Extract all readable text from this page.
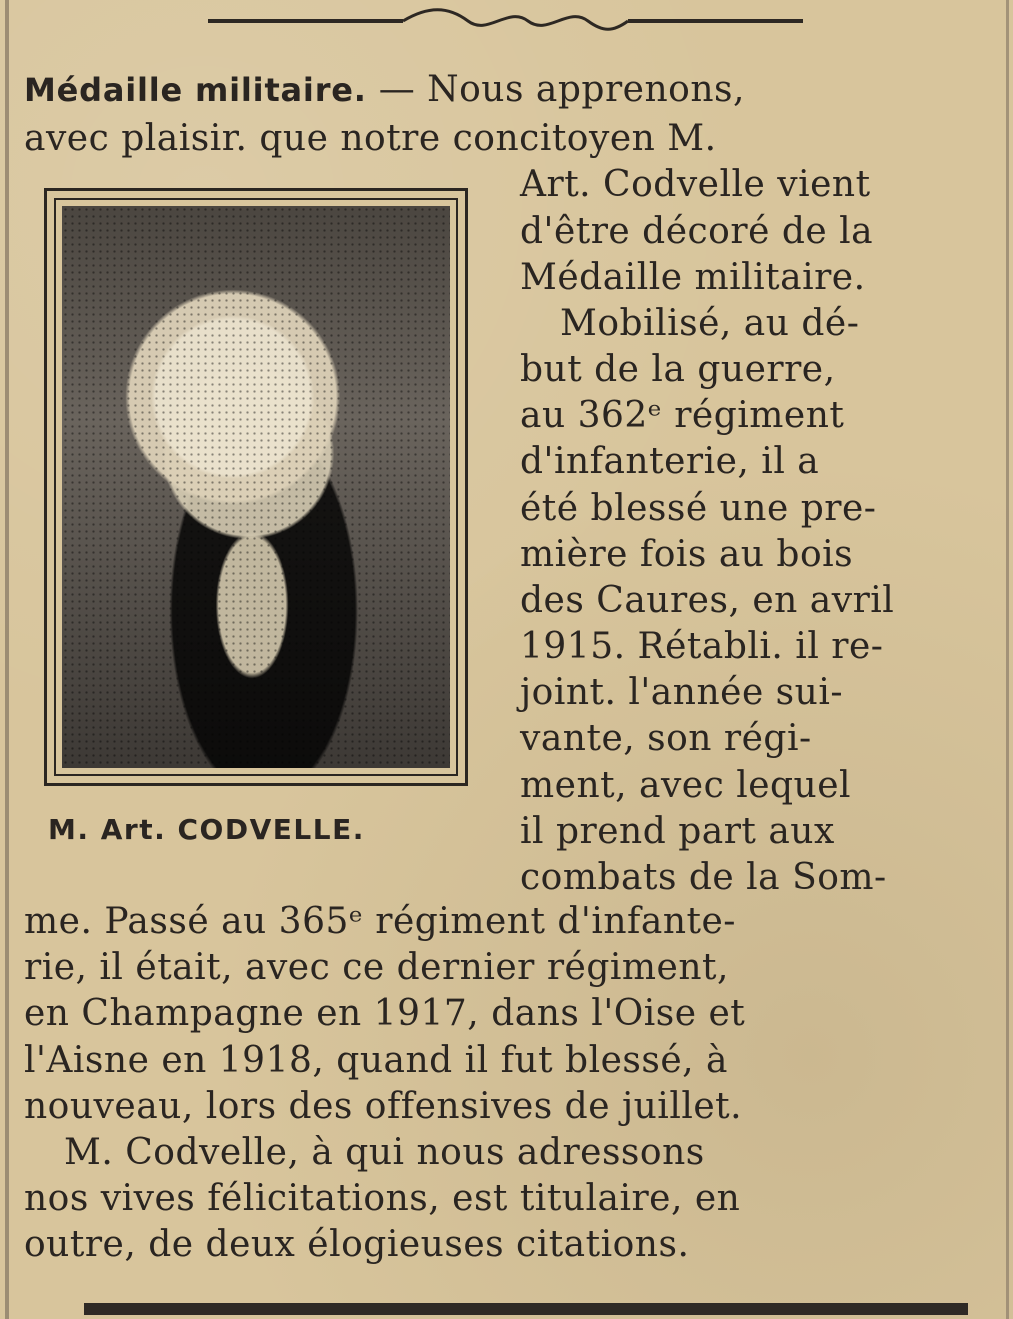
Médaille militaire. — Nous apprenons,
avec plaisir. que notre concitoyen M.
M. Art. CODVELLE.
Art. Codvelle vient
d'être décoré de la
Médaille militaire.
Mobilisé, au dé-
but de la guerre,
au 362ᵉ régiment
d'infanterie, il a
été blessé une pre-
mière fois au bois
des Caures, en avril
1915. Rétabli. il re-
joint. l'année sui-
vante, son régi-
ment, avec lequel
il prend part aux
combats de la Som-
me. Passé au 365ᵉ régiment d'infante-
rie, il était, avec ce dernier régiment,
en Champagne en 1917, dans l'Oise et
l'Aisne en 1918, quand il fut blessé, à
nouveau, lors des offensives de juillet.
M. Codvelle, à qui nous adressons
nos vives félicitations, est titulaire, en
outre, de deux élogieuses citations.
